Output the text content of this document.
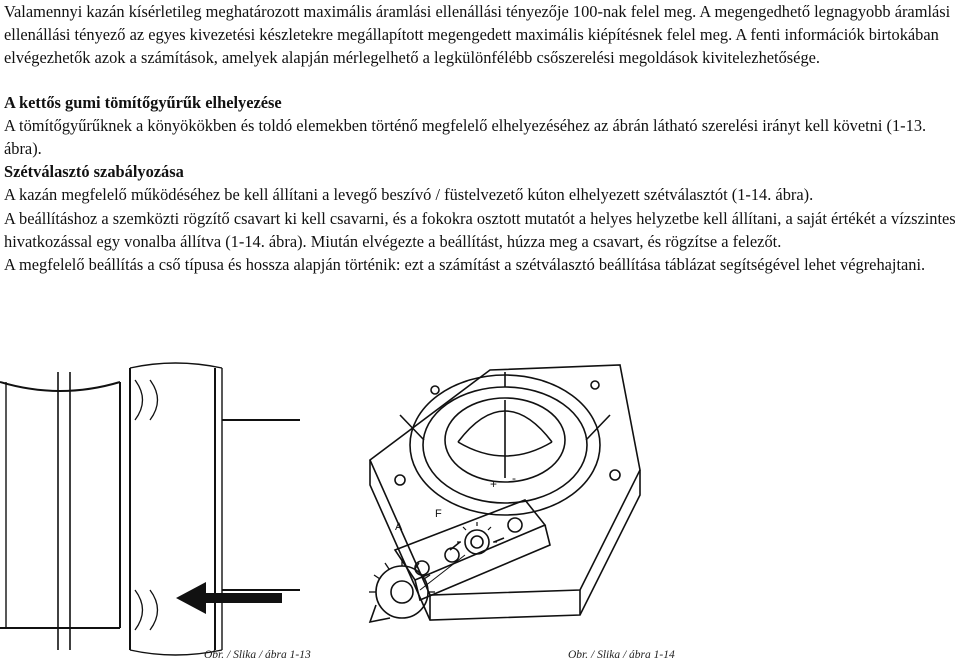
Valamennyi kazán kísérletileg meghatározott maximális áramlási ellenállási tényezője 100-nak felel meg. A megengedhető legnagyobb áramlási ellenállási tényező az egyes kivezetési készletekre megállapított megengedett maximális kiépítésnek felel meg. A fenti információk birtokában elvégezhetők azok a számítások, amelyek alapján mérlegelhető a legkülönfélébb csőszerelési megoldások kivitelezhetősége.

A kettős gumi tömítőgyűrűk elhelyezése

A tömítőgyűrűknek a könyökökben és toldó elemekben történő megfelelő elhelyezéséhez az ábrán látható szerelési irányt kell követni (1-13. ábra).

Szétválasztó szabályozása

A kazán megfelelő működéséhez be kell állítani a levegő beszívó / füstelvezető kúton elhelyezett szétválasztót (1-14. ábra).

A beállításhoz a szemközti rögzítő csavart ki kell csavarni, és a fokokra osztott mutatót a helyes helyzetbe kell állítani, a saját értékét a vízszintes hivatkozással egy vonalba állítva (1-14. ábra). Miután elvégezte a beállítást, húzza meg a csavart, és rögzítse a felezőt.

A megfelelő beállítás a cső típusa és hossza alapján történik: ezt a számítást a szétválasztó beállítása táblázat segítségével lehet végrehajtani.

Obr. / Slika / ábra 1-13
A
F
+ -
Obr. / Slika / ábra 1-14
